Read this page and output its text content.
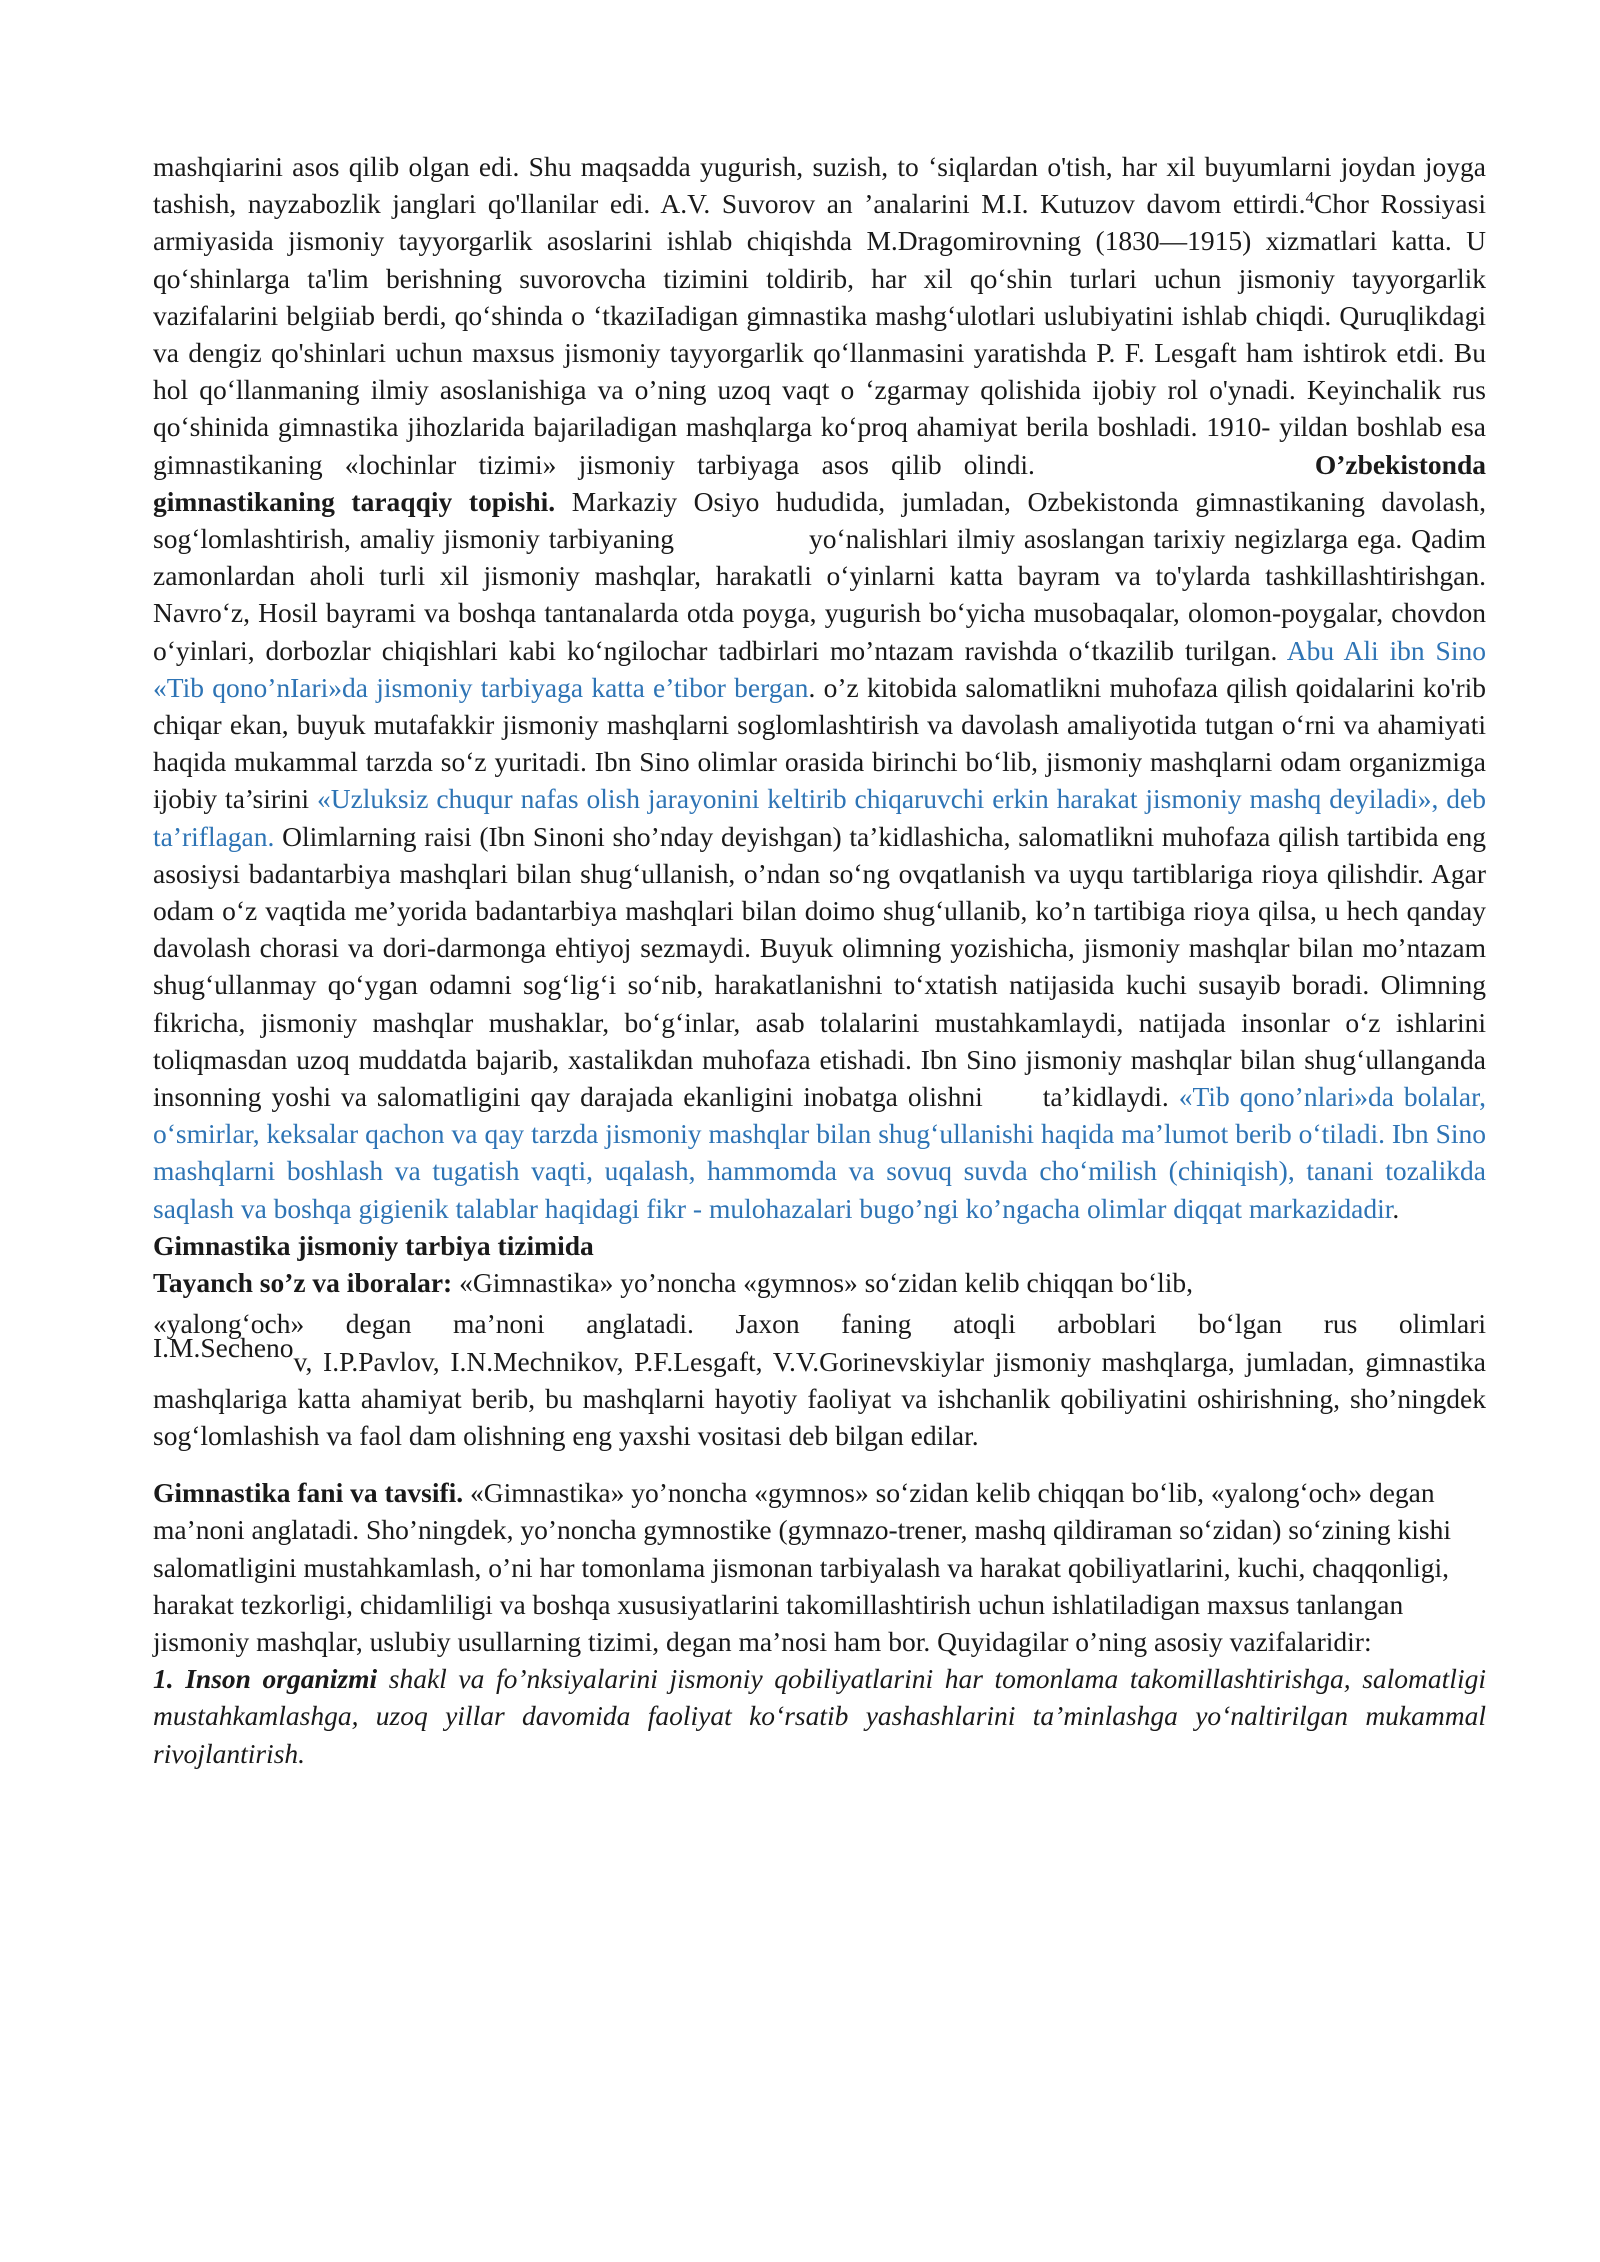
mashqiarini asos qilib olgan edi. Shu maqsadda yugurish, suzish, to ‘siqlardan o'tish, har xil buyumlarni joydan joyga tashish, nayzabozlik janglari qo'llanilar edi. A.V. Suvorov an ’analarini M.I. Kutuzov davom ettirdi.$^4$Chor Rossiyasi armiyasida jismoniy tayyorgarlik asoslarini ishlab chiqishda M.Dragomirovning (1830—1915) xizmatlari katta. U qo‘shinlarga ta'lim berishning suvorovcha tizimini toldirib, har xil qo‘shin turlari uchun jismoniy tayyorgarlik vazifalarini belgiiab berdi, qo‘shinda o ‘tkaziIadigan gimnastika mashg‘ulotlari uslubiyatini ishlab chiqdi. Quruqlikdagi va dengiz qo'shinlari uchun maxsus jismoniy tayyorgarlik qo‘llanmasini yaratishda P. F. Lesgaft ham ishtirok etdi. Bu hol qo‘llanmaning ilmiy asoslanishiga va o’ning uzoq vaqt o ‘zgarmay qolishida ijobiy rol o'ynadi. Keyinchalik rus qo‘shinida gimnastika jihozlarida bajariladigan mashqlarga ko‘proq ahamiyat berila boshladi. 1910- yildan boshlab esa gimnastikaning «lochinlar tizimi» jismoniy tarbiyaga asos qilib olindi.	O’zbekistonda gimnastikaning taraqqiy topishi. Markaziy Osiyo hududida, jumladan, Ozbekistonda gimnastikaning davolash, sog‘lomlashtirish, amaliy jismoniy tarbiyaning	yo‘nalishlari ilmiy asoslangan tarixiy negizlarga ega. Qadim zamonlardan aholi turli xil jismoniy mashqlar, harakatli o‘yinlarni katta bayram va to'ylarda tashkillashtirishgan. Navro‘z, Hosil bayrami va boshqa tantanalarda otda poyga, yugurish bo‘yicha musobaqalar, olomon-poygalar, chovdon o‘yinlari, dorbozlar chiqishlari kabi ko‘ngilochar tadbirlari mo’ntazam ravishda o‘tkazilib turilgan. Abu Ali ibn Sino «Tib qono’nIari»da jismoniy tarbiyaga katta e’tibor bergan. o’z kitobida salomatlikni muhofaza qilish qoidalarini ko'rib chiqar ekan, buyuk mutafakkir jismoniy mashqlarni soglomlashtirish va davolash amaliyotida tutgan o‘rni va ahamiyati haqida mukammal tarzda so‘z yuritadi. Ibn Sino olimlar orasida birinchi bo‘lib, jismoniy mashqlarni odam organizmiga ijobiy ta’sirini «Uzluksiz chuqur nafas olish jarayonini keltirib chiqaruvchi erkin harakat jismoniy mashq deyiladi», deb ta’riflagan. Olimlarning raisi (Ibn Sinoni sho’nday deyishgan) ta’kidlashicha, salomatlikni muhofaza qilish tartibida eng asosiysi badantarbiya mashqlari bilan shug‘ullanish, o’ndan so‘ng ovqatlanish va uyqu tartiblariga rioya qilishdir. Agar odam o‘z vaqtida me’yorida badantarbiya mashqlari bilan doimo shug‘ullanib, ko’n tartibiga rioya qilsa, u hech qanday davolash chorasi va dori-darmonga ehtiyoj sezmaydi. Buyuk olimning yozishicha, jismoniy mashqlar bilan mo’ntazam shug‘ullanmay qo‘ygan odamni sog‘lig‘i so‘nib, harakatlanishni to‘xtatish natijasida kuchi susayib boradi. Olimning fikricha, jismoniy mashqlar mushaklar, bo‘g‘inlar, asab tolalarini mustahkamlaydi, natijada insonlar o‘z ishlarini toliqmasdan uzoq muddatda bajarib, xastalikdan muhofaza etishadi. Ibn Sino jismoniy mashqlar bilan shug‘ullanganda insonning yoshi va salomatligini qay darajada ekanligini inobatga olishni ta’kidlaydi. «Tib qono’nlari»da bolalar, o‘smirlar, keksalar qachon va qay tarzda jismoniy mashqlar bilan shug‘ullanishi haqida ma’lumot berib o‘tiladi. Ibn Sino mashqlarni boshlash va tugatish vaqti, uqalash, hammomda va sovuq suvda cho‘milish (chiniqish), tanani tozalikda saqlash va boshqa gigienik talablar haqidagi fikr - mulohazalari bugo’ngi ko’ngacha olimlar diqqat markazidadir.

Gimnastika jismoniy tarbiya tizimida

Tayanch so’z va iboralar: «Gimnastika» yo’noncha «gymnos» so‘zidan kelib chiqqan bo‘lib,

«yalong‘och» degan ma’noni anglatadi. Jaxon faning atoqli arboblari bo‘lgan rus olimlari

I.M.Sechenov, I.P.Pavlov, I.N.Mechnikov, P.F.Lesgaft, V.V.Gorinevskiylar jismoniy mashqlarga, jumladan, gimnastika mashqlariga katta ahamiyat berib, bu mashqlarni hayotiy faoliyat va ishchanlik qobiliyatini oshirishning, sho’ningdek sog‘lomlashish va faol dam olishning eng yaxshi vositasi deb bilgan edilar.

Gimnastika fani va tavsifi. «Gimnastika» yo’noncha «gymnos» so‘zidan kelib chiqqan bo‘lib, «yalong‘och» degan ma’noni anglatadi. Sho’ningdek, yo’noncha gymnostike (gymnazo-trener, mashq qildiraman so‘zidan) so‘zining kishi salomatligini mustahkamlash, o’ni har tomonlama jismonan tarbiyalash va harakat qobiliyatlarini, kuchi, chaqqonligi, harakat tezkorligi, chidamliligi va boshqa xususiyatlarini takomillashtirish uchun ishlatiladigan maxsus tanlangan jismoniy mashqlar, uslubiy usullarning tizimi, degan ma’nosi ham bor. Quyidagilar o’ning asosiy vazifalaridir:

1. Inson organizmi shakl va fo’nksiyalarini jismoniy qobiliyatlarini har tomonlama takomillashtirishga, salomatligi mustahkamlashga, uzoq yillar davomida faoliyat ko‘rsatib yashashlarini ta’minlashga yo‘naltirilgan mukammal rivojlantirish.
